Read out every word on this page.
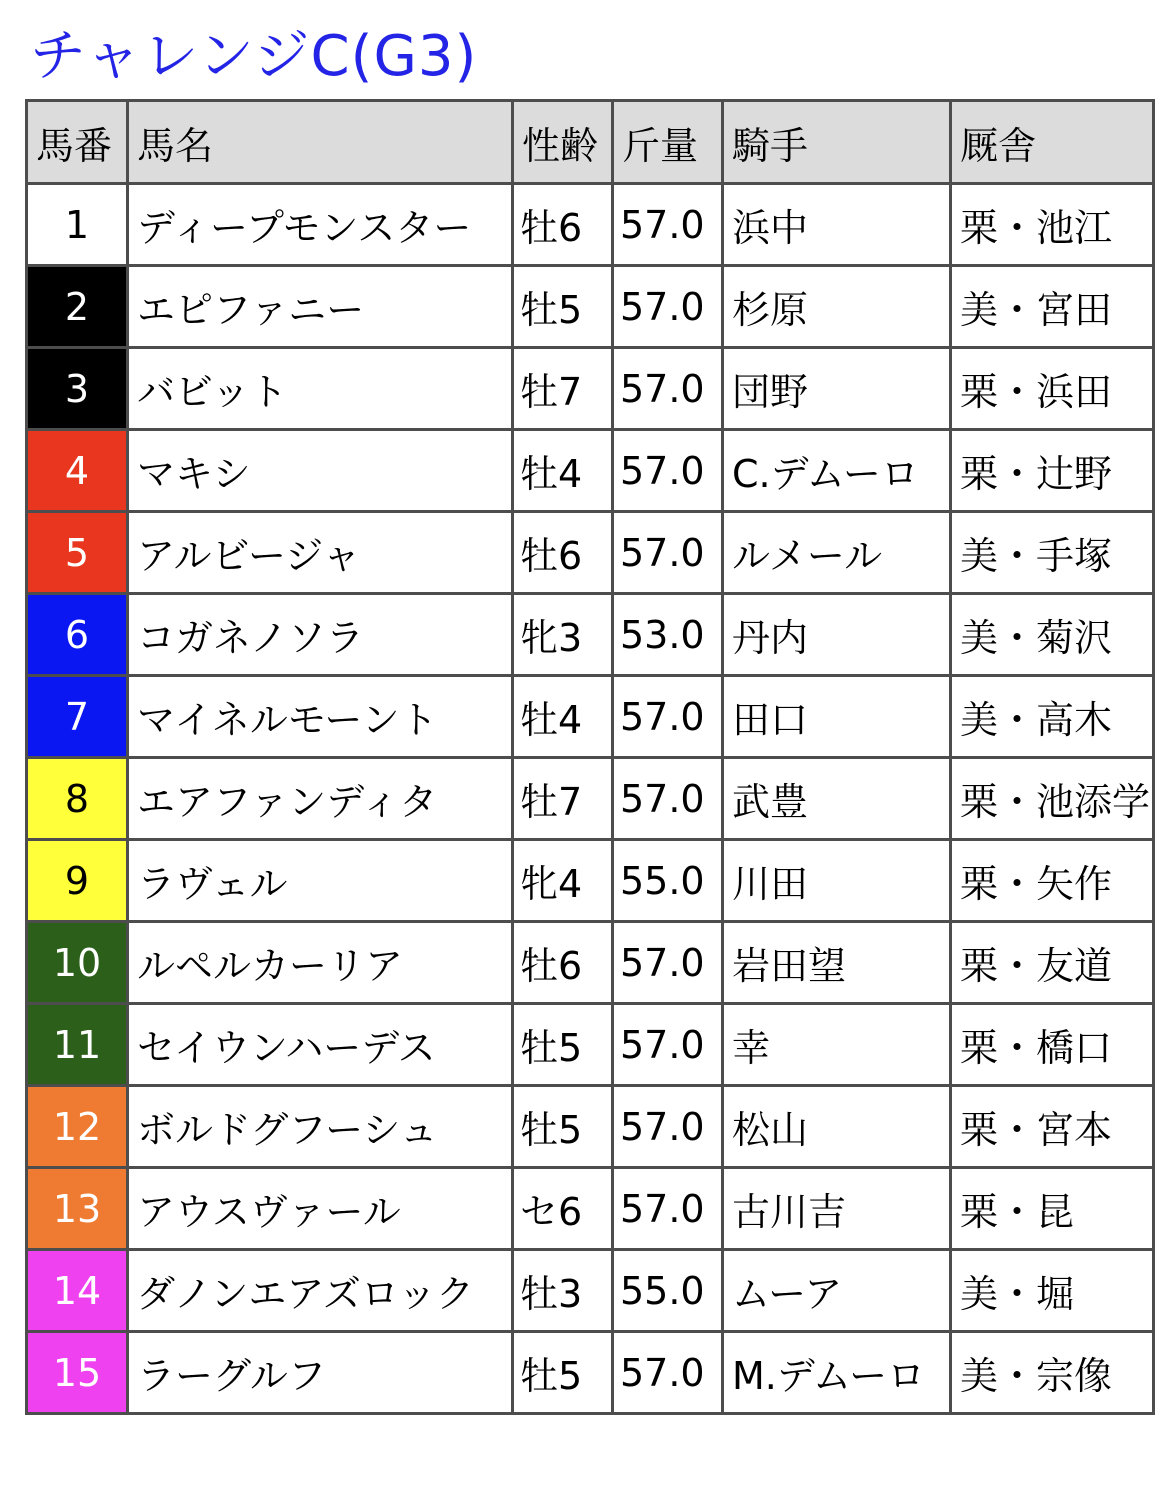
チャレンジC(G3)
馬番	馬名	性齢	斤量	騎手	厩舎
1	ディープモンスター	牡6	57.0	浜中	栗・池江
2	エピファニー	牡5	57.0	杉原	美・宮田
3	バビット	牡7	57.0	団野	栗・浜田
4	マキシ	牡4	57.0	C.デムーロ	栗・辻野
5	アルビージャ	牡6	57.0	ルメール	美・手塚
6	コガネノソラ	牝3	53.0	丹内	美・菊沢
7	マイネルモーント	牡4	57.0	田口	美・高木
8	エアファンディタ	牡7	57.0	武豊	栗・池添学
9	ラヴェル	牝4	55.0	川田	栗・矢作
10	ルペルカーリア	牡6	57.0	岩田望	栗・友道
11	セイウンハーデス	牡5	57.0	幸	栗・橋口
12	ボルドグフーシュ	牡5	57.0	松山	栗・宮本
13	アウスヴァール	セ6	57.0	古川吉	栗・昆
14	ダノンエアズロック	牡3	55.0	ムーア	美・堀
15	ラーグルフ	牡5	57.0	M.デムーロ	美・宗像
